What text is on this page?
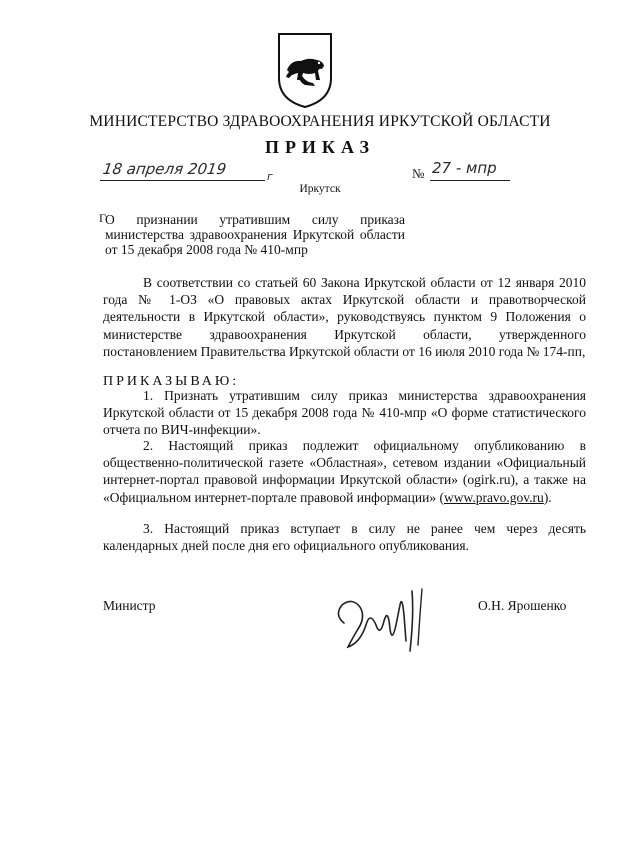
МИНИСТЕРСТВО ЗДРАВООХРАНЕНИЯ ИРКУТСКОЙ ОБЛАСТИ
ПРИКАЗ
18 апреля 2019	г	№ 27 - мпр
Иркутск
Г О признании утратившим силу приказа министерства здравоохранения Иркутской области от 15 декабря 2008 года № 410-мпр
В соответствии со статьей 60 Закона Иркутской области от 12 января 2010 года № 1-ОЗ «О правовых актах Иркутской области и правотворческой деятельности в Иркутской области», руководствуясь пунктом 9 Положения о министерстве здравоохранения Иркутской области, утвержденного постановлением Правительства Иркутской области от 16 июля 2010 года № 174-пп,
ПРИКАЗЫВАЮ:
1. Признать утратившим силу приказ министерства здравоохранения Иркутской области от 15 декабря 2008 года № 410-мпр «О форме статистического отчета по ВИЧ-инфекции».
2. Настоящий приказ подлежит официальному опубликованию в общественно-политической газете «Областная», сетевом издании «Официальный интернет-портал правовой информации Иркутской области» (ogirk.ru), а также на «Официальном интернет-портале правовой информации» (www.pravo.gov.ru).
3. Настоящий приказ вступает в силу не ранее чем через десять календарных дней после дня его официального опубликования.
Министр	О.Н. Ярошенко
